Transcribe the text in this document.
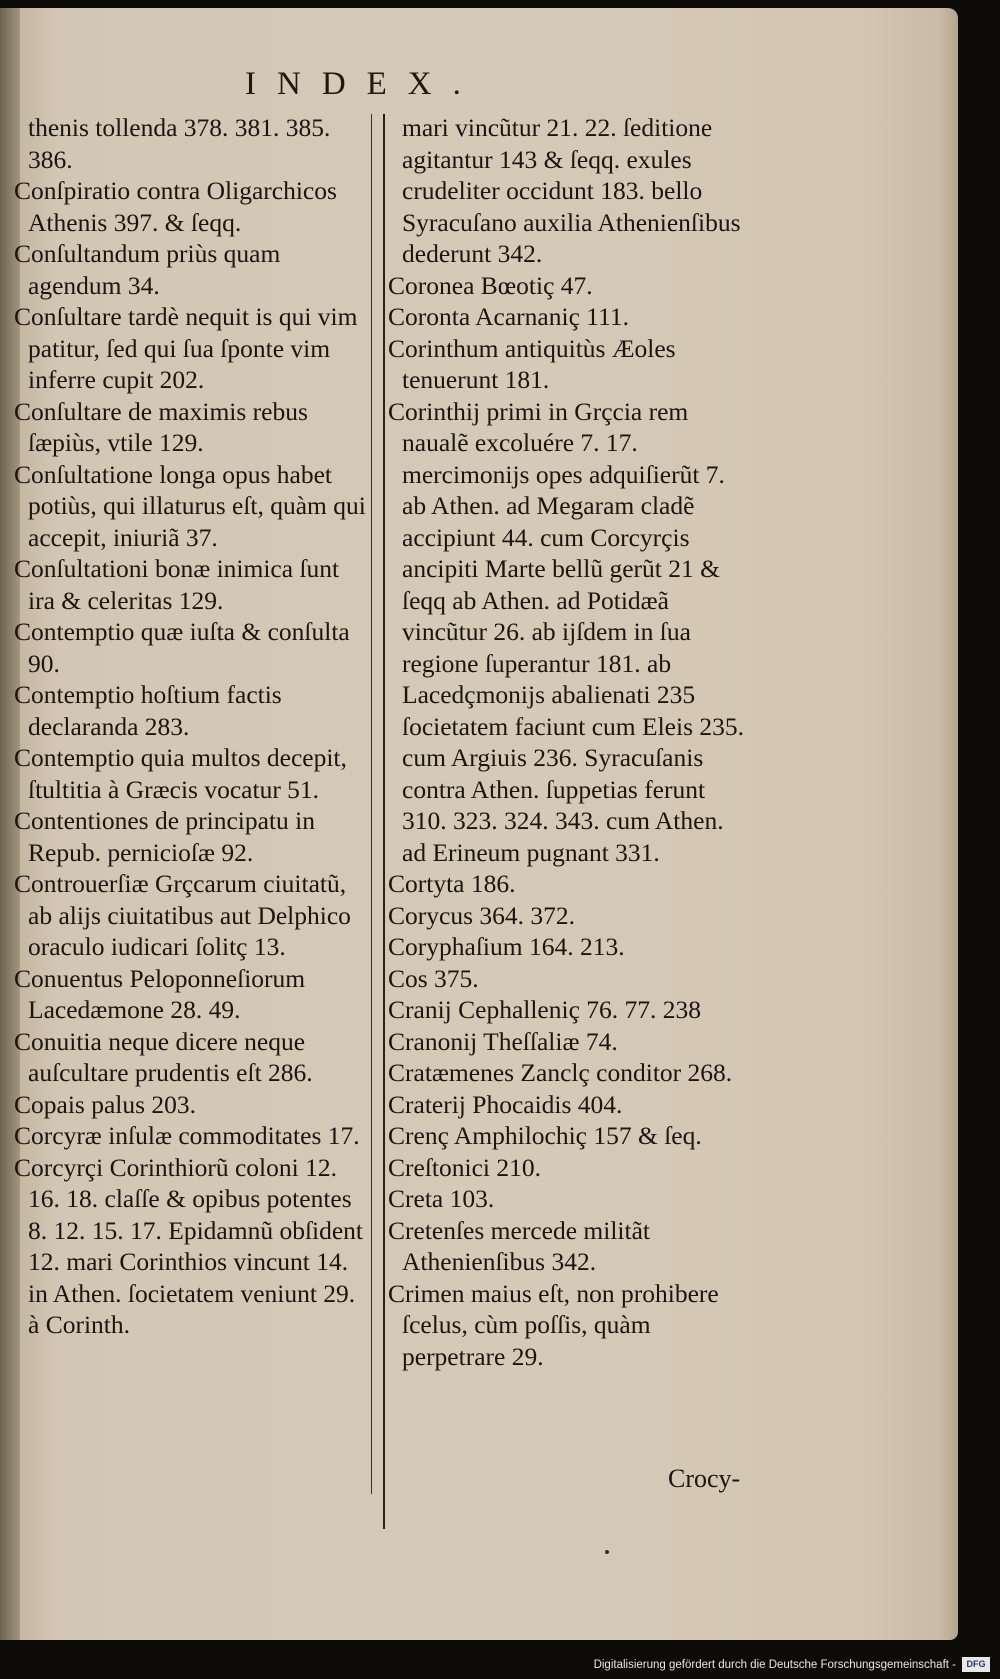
INDEX.

thenis tollenda 378. 381. 385. 386.

Conſpiratio contra Oligarchicos Athenis 397. & ſeqq.

Conſultandum priùs quam agendum 34.

Conſultare tardè nequit is qui vim patitur, ſed qui ſua ſponte vim inferre cupit 202.

Conſultare de maximis rebus ſæpiùs, vtile 129.

Conſultatione longa opus habet potiùs, qui illaturus eſt, quàm qui accepit, iniuriã 37.

Conſultationi bonæ inimica ſunt ira & celeritas 129.

Contemptio quæ iuſta & conſulta 90.

Contemptio hoſtium factis declaranda 283.

Contemptio quia multos decepit, ſtultitia à Græcis vocatur 51.

Contentiones de principatu in Repub. pernicioſæ 92.

Controuerſiæ Grçcarum ciuitatũ, ab alijs ciuitatibus aut Delphico oraculo iudicari ſolitç 13.

Conuentus Peloponneſiorum Lacedæmone 28. 49.

Conuitia neque dicere neque auſcultare prudentis eſt 286.

Copais palus 203.

Corcyræ inſulæ commoditates 17.

Corcyrçi Corinthiorũ coloni 12. 16. 18. claſſe & opibus potentes 8. 12. 15. 17. Epidamnũ obſident 12. mari Corinthios vincunt 14. in Athen. ſocietatem veniunt 29. à Corinth.

mari vincũtur 21. 22. ſeditione agitantur 143 & ſeqq. exules crudeliter occidunt 183. bello Syracuſano auxilia Athenienſibus dederunt 342.

Coronea Bœotiç 47.

Coronta Acarnaniç 111.

Corinthum antiquitùs Æoles tenuerunt 181.

Corinthij primi in Grçcia rem naualẽ excoluére 7. 17. mercimonijs opes adquiſierũt 7. ab Athen. ad Megaram cladẽ accipiunt 44. cum Corcyrçis ancipiti Marte bellũ gerũt 21 & ſeqq ab Athen. ad Potidæã vincũtur 26. ab ijſdem in ſua regione ſuperantur 181. ab Lacedçmonijs abalienati 235 ſocietatem faciunt cum Eleis 235. cum Argiuis 236. Syracuſanis contra Athen. ſuppetias ferunt 310. 323. 324. 343. cum Athen. ad Erineum pugnant 331.

Cortyta 186.

Corycus 364. 372.

Coryphaſium 164. 213.

Cos 375.

Cranij Cephalleniç 76. 77. 238

Cranonij Theſſaliæ 74.

Cratæmenes Zanclç conditor 268.

Craterij Phocaidis 404.

Crenç Amphilochiç 157 & ſeq.

Creſtonici 210.

Creta 103.

Cretenſes mercede militãt Athenienſibus 342.

Crimen maius eſt, non prohibere ſcelus, cùm poſſis, quàm perpetrare 29.

Crocy-
Digitalisierung gefördert durch die Deutsche Forschungsgemeinschaft -	DFG
